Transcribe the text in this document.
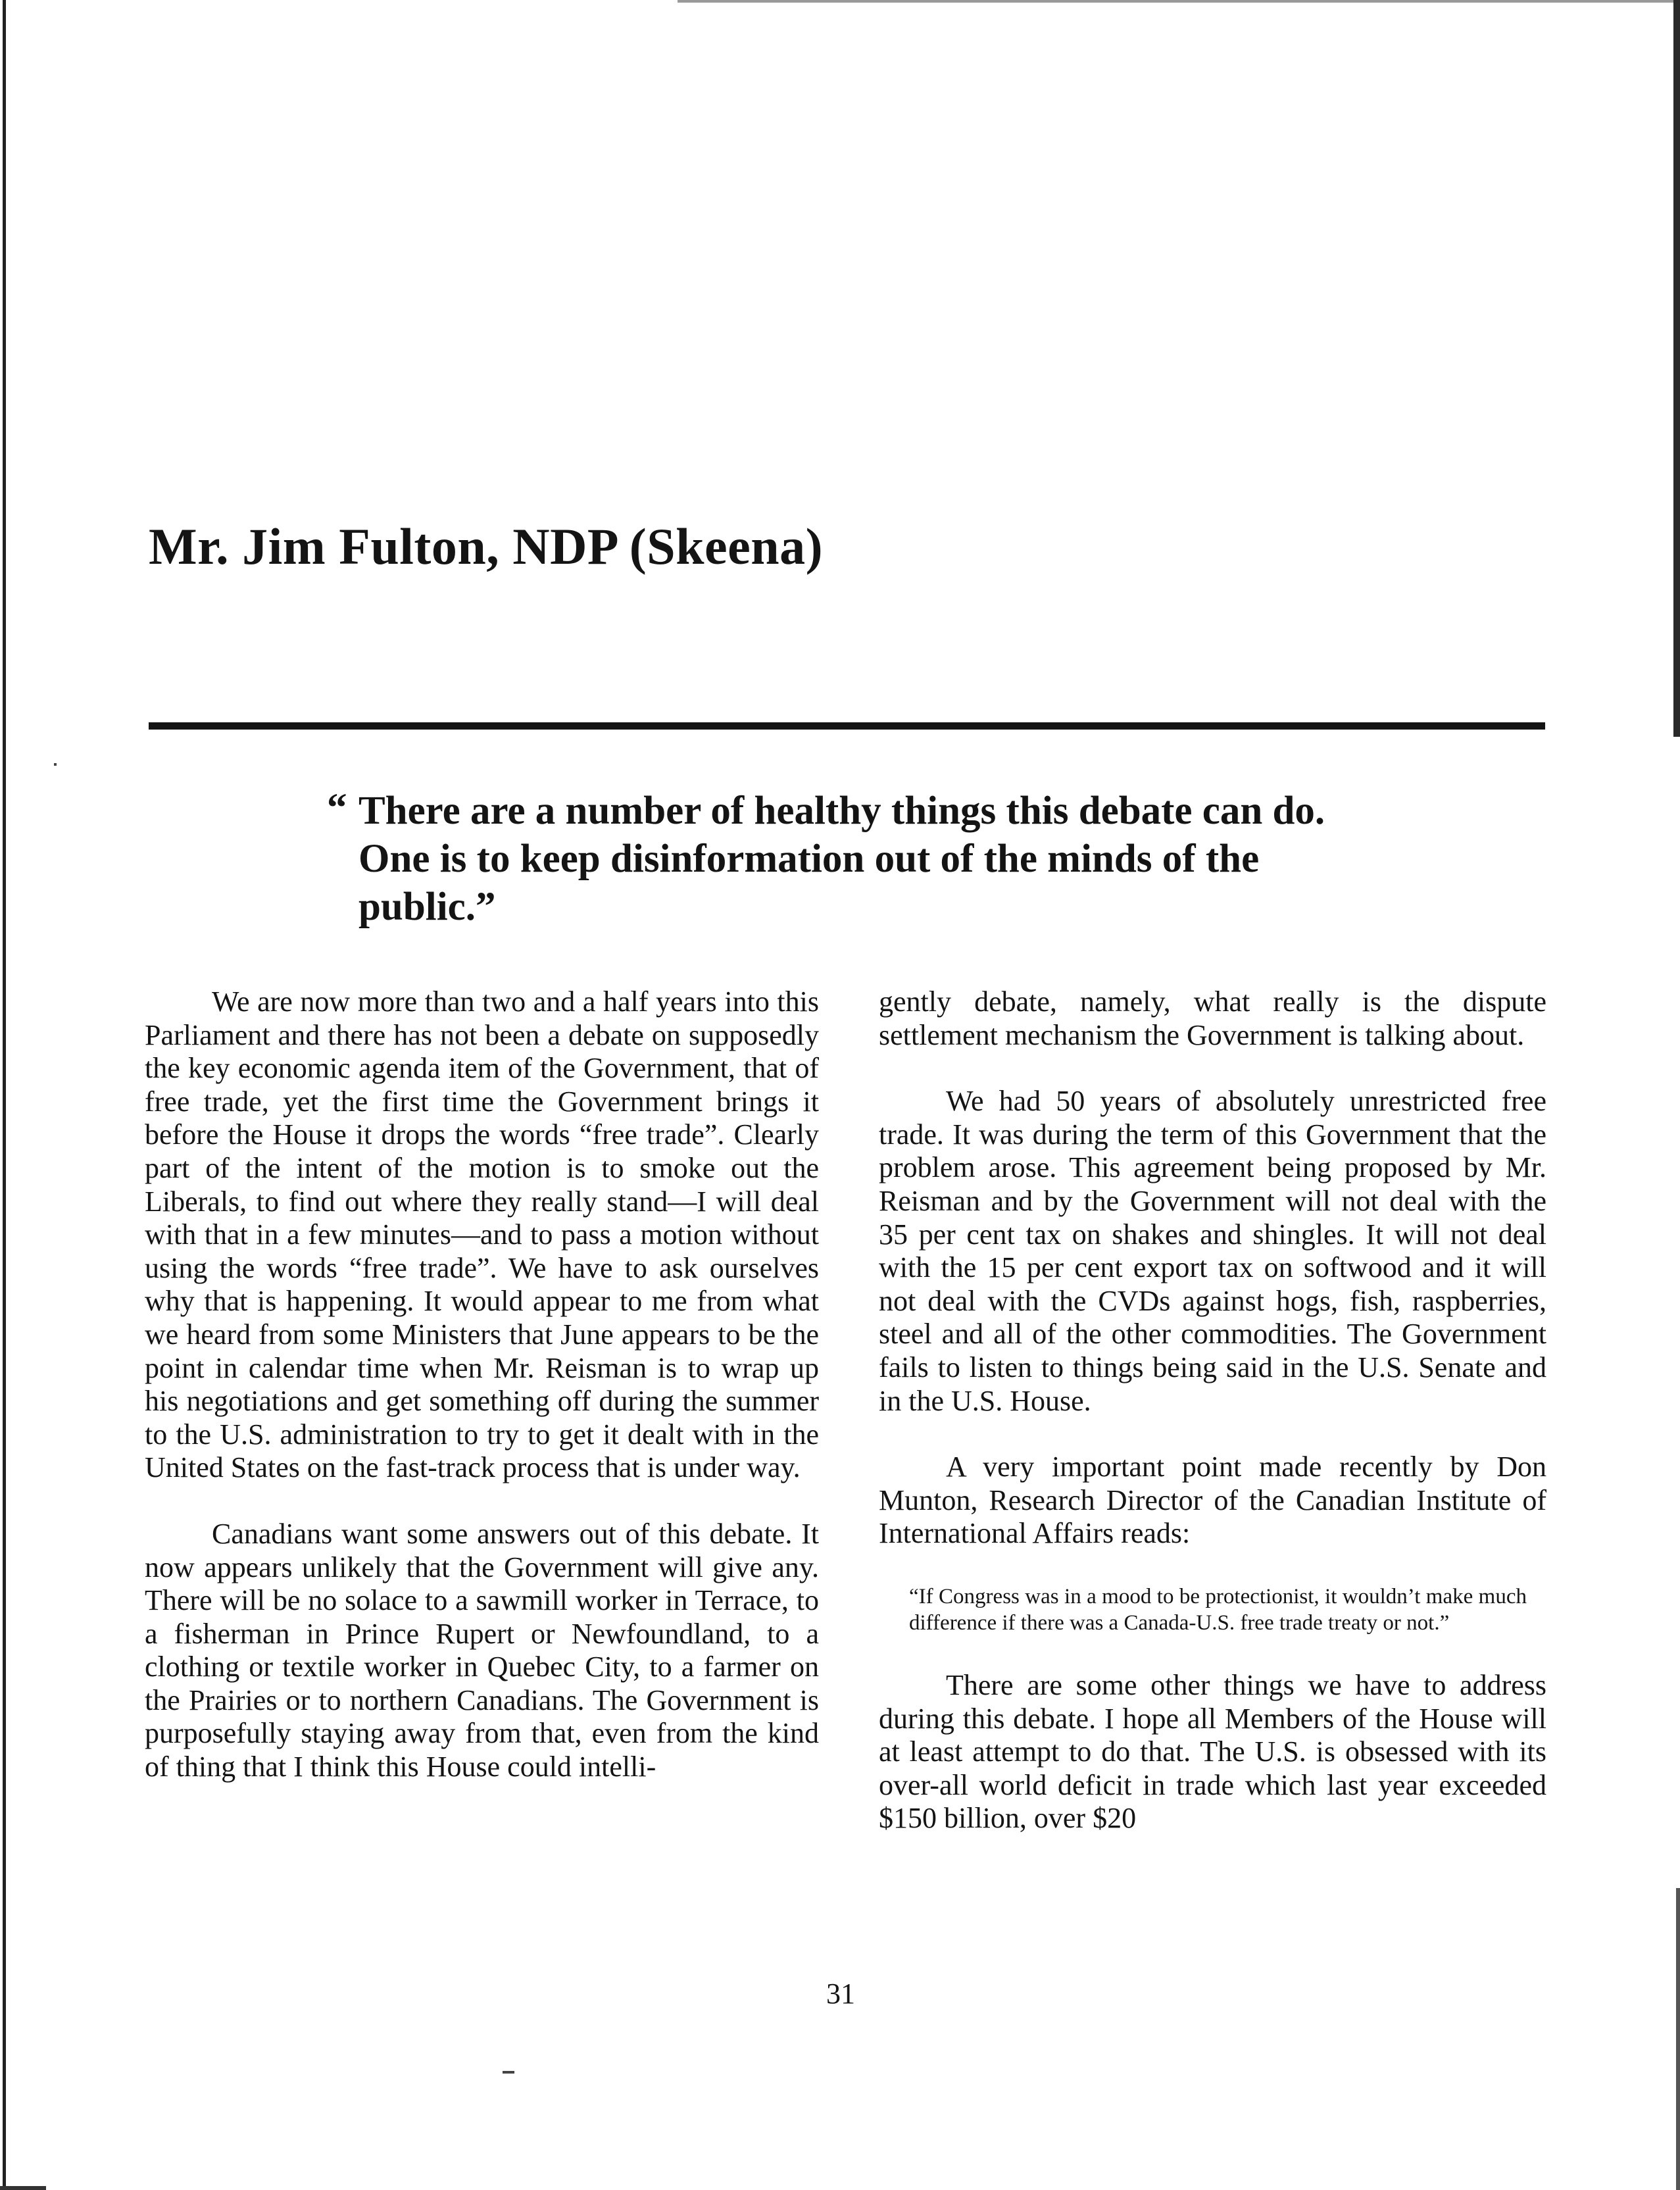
Mr. Jim Fulton, NDP (Skeena)

“ There are a number of healthy things this debate can do. One is to keep disinformation out of the minds of the public.”

We are now more than two and a half years into this Parliament and there has not been a debate on supposedly the key economic agenda item of the Government, that of free trade, yet the first time the Government brings it before the House it drops the words “free trade”. Clearly part of the intent of the motion is to smoke out the Liberals, to find out where they really stand—I will deal with that in a few minutes—and to pass a motion without using the words “free trade”. We have to ask ourselves why that is happening. It would appear to me from what we heard from some Ministers that June appears to be the point in calendar time when Mr. Reisman is to wrap up his negotiations and get something off during the summer to the U.S. administration to try to get it dealt with in the United States on the fast-track process that is under way.

Canadians want some answers out of this debate. It now appears unlikely that the Government will give any. There will be no solace to a sawmill worker in Terrace, to a fisherman in Prince Rupert or Newfoundland, to a clothing or textile worker in Quebec City, to a farmer on the Prairies or to northern Canadians. The Government is purposefully staying away from that, even from the kind of thing that I think this House could intelli-

gently debate, namely, what really is the dispute settlement mechanism the Government is talking about.

We had 50 years of absolutely unrestricted free trade. It was during the term of this Government that the problem arose. This agreement being proposed by Mr. Reisman and by the Government will not deal with the 35 per cent tax on shakes and shingles. It will not deal with the 15 per cent export tax on softwood and it will not deal with the CVDs against hogs, fish, raspberries, steel and all of the other commodities. The Government fails to listen to things being said in the U.S. Senate and in the U.S. House.

A very important point made recently by Don Munton, Research Director of the Canadian Institute of International Affairs reads:

“If Congress was in a mood to be protectionist, it wouldn’t make much difference if there was a Canada-U.S. free trade treaty or not.”

There are some other things we have to address during this debate. I hope all Members of the House will at least attempt to do that. The U.S. is obsessed with its over-all world deficit in trade which last year exceeded $150 billion, over $20

31
